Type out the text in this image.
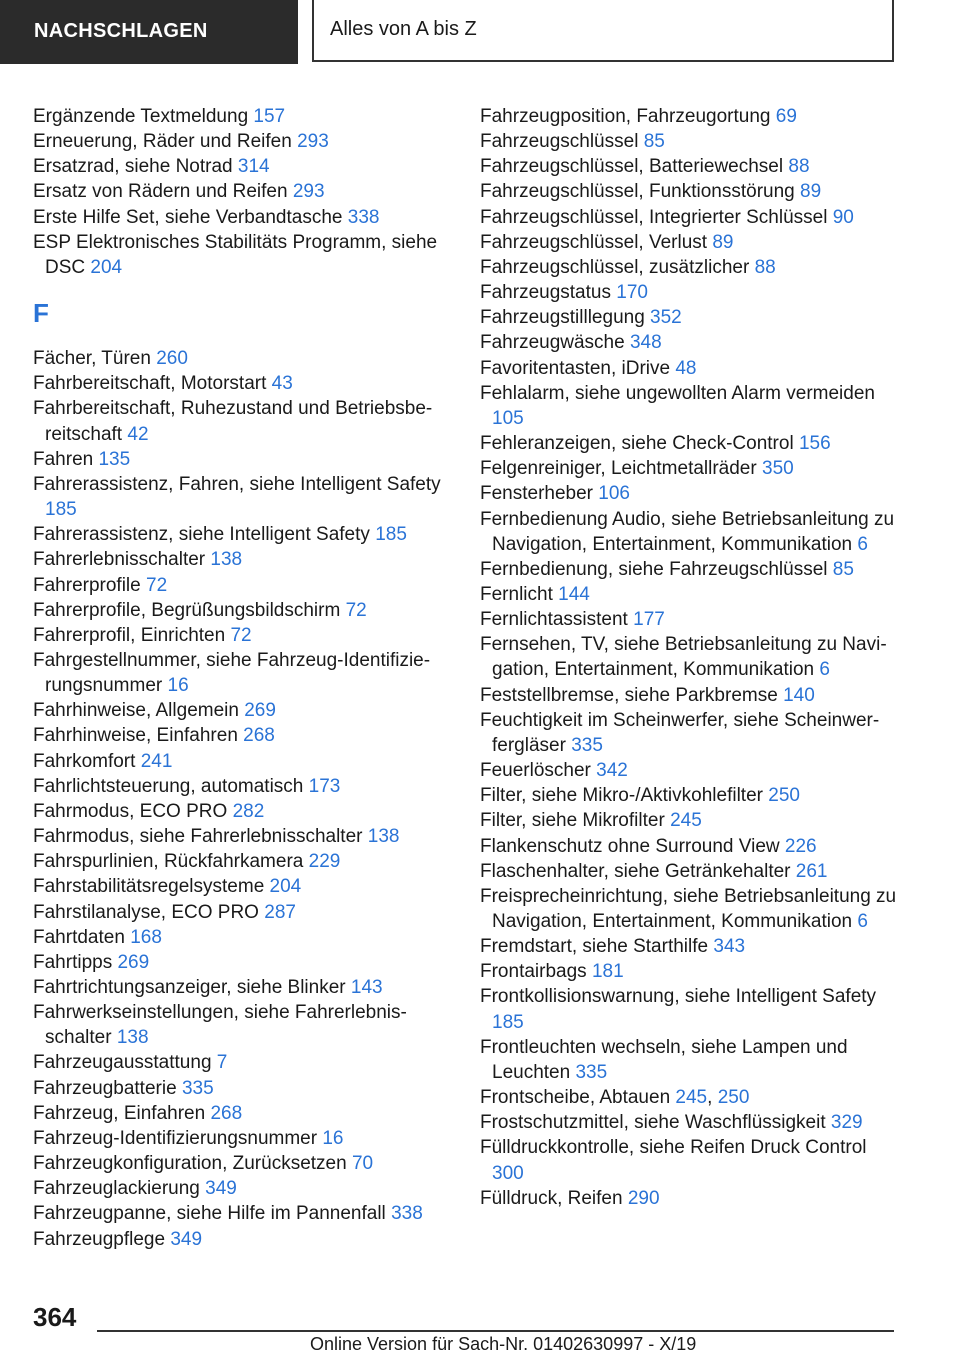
NACHSCHLAGEN	Alles von A bis Z
Ergänzende Textmeldung 157
Erneuerung, Räder und Reifen 293
Ersatzrad, siehe Notrad 314
Ersatz von Rädern und Reifen 293
Erste Hilfe Set, siehe Verbandtasche 338
ESP Elektronisches Stabilitäts Programm, siehe DSC 204
F
Fächer, Türen 260
Fahrbereitschaft, Motorstart 43
Fahrbereitschaft, Ruhezustand und Betriebsbereitschaft 42
Fahren 135
Fahrerassistenz, Fahren, siehe Intelligent Safety 185
Fahrerassistenz, siehe Intelligent Safety 185
Fahrerlebnisschalter 138
Fahrerprofile 72
Fahrerprofile, Begrüßungsbildschirm 72
Fahrerprofil, Einrichten 72
Fahrgestellnummer, siehe Fahrzeug-Identifizierungsnummer 16
Fahrhinweise, Allgemein 269
Fahrhinweise, Einfahren 268
Fahrkomfort 241
Fahrlichtsteuerung, automatisch 173
Fahrmodus, ECO PRO 282
Fahrmodus, siehe Fahrerlebnisschalter 138
Fahrspurlinien, Rückfahrkamera 229
Fahrstabilitätsregelsysteme 204
Fahrstilanalyse, ECO PRO 287
Fahrtdaten 168
Fahrtipps 269
Fahrtrichtungsanzeiger, siehe Blinker 143
Fahrwerkseinstellungen, siehe Fahrerlebnisschalter 138
Fahrzeugausstattung 7
Fahrzeugbatterie 335
Fahrzeug, Einfahren 268
Fahrzeug-Identifizierungsnummer 16
Fahrzeugkonfiguration, Zurücksetzen 70
Fahrzeuglackierung 349
Fahrzeugpanne, siehe Hilfe im Pannenfall 338
Fahrzeugpflege 349
Fahrzeugposition, Fahrzeugortung 69
Fahrzeugschlüssel 85
Fahrzeugschlüssel, Batteriewechsel 88
Fahrzeugschlüssel, Funktionsstörung 89
Fahrzeugschlüssel, Integrierter Schlüssel 90
Fahrzeugschlüssel, Verlust 89
Fahrzeugschlüssel, zusätzlicher 88
Fahrzeugstatus 170
Fahrzeugstilllegung 352
Fahrzeugwäsche 348
Favoritentasten, iDrive 48
Fehlalarm, siehe ungewollten Alarm vermeiden 105
Fehleranzeigen, siehe Check-Control 156
Felgenreiniger, Leichtmetallräder 350
Fensterheber 106
Fernbedienung Audio, siehe Betriebsanleitung zu Navigation, Entertainment, Kommunikation 6
Fernbedienung, siehe Fahrzeugschlüssel 85
Fernlicht 144
Fernlichtassistent 177
Fernsehen, TV, siehe Betriebsanleitung zu Navigation, Entertainment, Kommunikation 6
Feststellbremse, siehe Parkbremse 140
Feuchtigkeit im Scheinwerfer, siehe Scheinwerfergläser 335
Feuerlöscher 342
Filter, siehe Mikro-/Aktivkohlefilter 250
Filter, siehe Mikrofilter 245
Flankenschutz ohne Surround View 226
Flaschenhalter, siehe Getränkehalter 261
Freisprecheinrichtung, siehe Betriebsanleitung zu Navigation, Entertainment, Kommunikation 6
Fremdstart, siehe Starthilfe 343
Frontairbags 181
Frontkollisionswarnung, siehe Intelligent Safety 185
Frontleuchten wechseln, siehe Lampen und Leuchten 335
Frontscheibe, Abtauen 245, 250
Frostschutzmittel, siehe Waschflüssigkeit 329
Fülldruckkontrolle, siehe Reifen Druck Control 300
Fülldruck, Reifen 290
364
Online Version für Sach-Nr. 01402630997 - X/19
